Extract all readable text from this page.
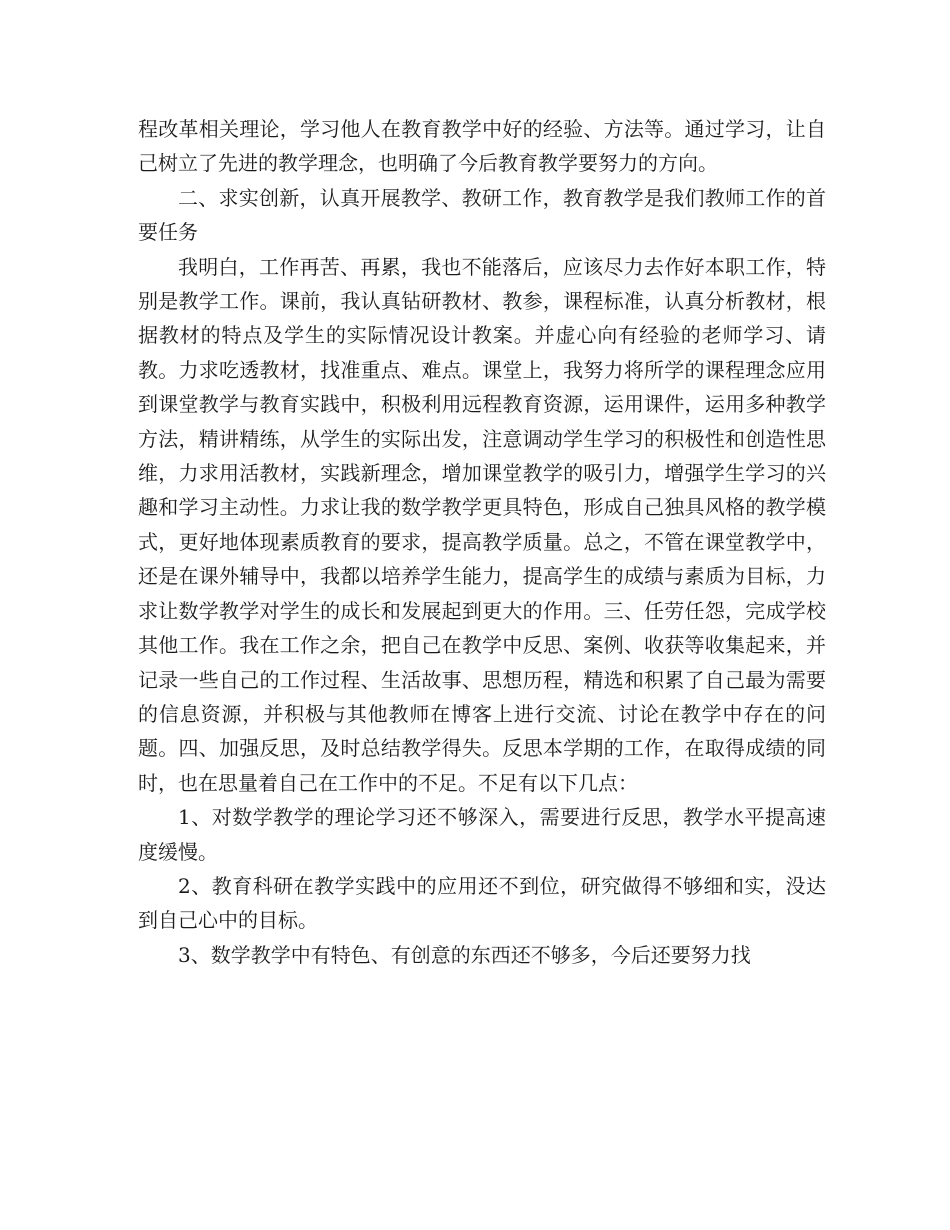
程改革相关理论，学习他人在教育教学中好的经验、方法等。通过学习，让自己树立了先进的教学理念，也明确了今后教育教学要努力的方向。

二、求实创新，认真开展教学、教研工作，教育教学是我们教师工作的首要任务

我明白，工作再苦、再累，我也不能落后，应该尽力去作好本职工作，特别是教学工作。课前，我认真钻研教材、教参，课程标准，认真分析教材，根据教材的特点及学生的实际情况设计教案。并虚心向有经验的老师学习、请教。力求吃透教材，找准重点、难点。课堂上，我努力将所学的课程理念应用到课堂教学与教育实践中，积极利用远程教育资源，运用课件，运用多种教学方法，精讲精练，从学生的实际出发，注意调动学生学习的积极性和创造性思维，力求用活教材，实践新理念，增加课堂教学的吸引力，增强学生学习的兴趣和学习主动性。力求让我的数学教学更具特色，形成自己独具风格的教学模式，更好地体现素质教育的要求，提高教学质量。总之，不管在课堂教学中，还是在课外辅导中，我都以培养学生能力，提高学生的成绩与素质为目标，力求让数学教学对学生的成长和发展起到更大的作用。三、任劳任怨，完成学校其他工作。我在工作之余，把自己在教学中反思、案例、收获等收集起来，并记录一些自己的工作过程、生活故事、思想历程，精选和积累了自己最为需要的信息资源，并积极与其他教师在博客上进行交流、讨论在教学中存在的问题。四、加强反思，及时总结教学得失。反思本学期的工作，在取得成绩的同时，也在思量着自己在工作中的不足。不足有以下几点：

1、对数学教学的理论学习还不够深入，需要进行反思，教学水平提高速度缓慢。

2、教育科研在教学实践中的应用还不到位，研究做得不够细和实，没达到自己心中的目标。

3、数学教学中有特色、有创意的东西还不够多，今后还要努力找
